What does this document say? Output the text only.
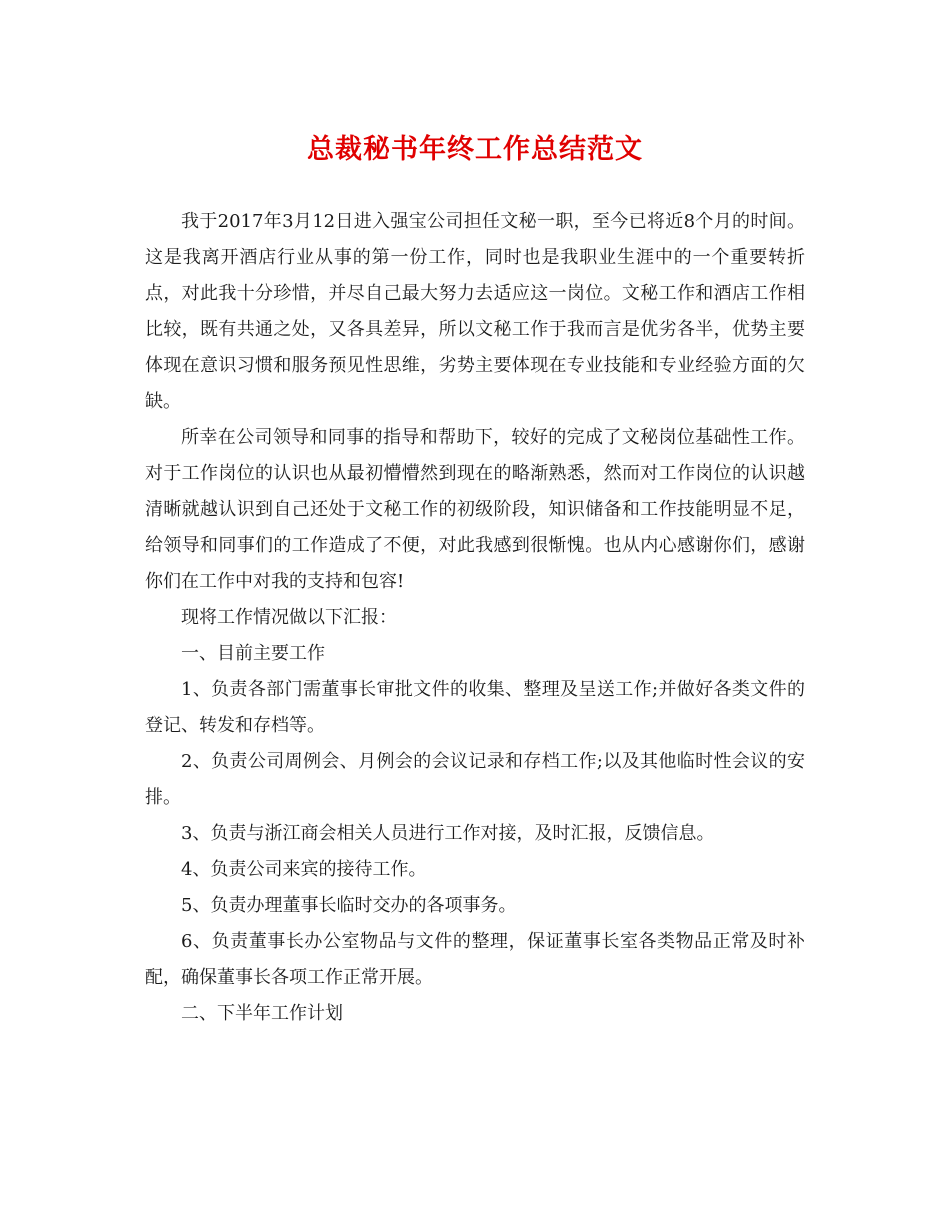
总裁秘书年终工作总结范文

我于2017年3月12日进入强宝公司担任文秘一职，至今已将近8个月的时间。这是我离开酒店行业从事的第一份工作，同时也是我职业生涯中的一个重要转折点，对此我十分珍惜，并尽自己最大努力去适应这一岗位。文秘工作和酒店工作相比较，既有共通之处，又各具差异，所以文秘工作于我而言是优劣各半，优势主要体现在意识习惯和服务预见性思维，劣势主要体现在专业技能和专业经验方面的欠缺。

所幸在公司领导和同事的指导和帮助下，较好的完成了文秘岗位基础性工作。对于工作岗位的认识也从最初懵懵然到现在的略渐熟悉，然而对工作岗位的认识越清晰就越认识到自己还处于文秘工作的初级阶段，知识储备和工作技能明显不足，给领导和同事们的工作造成了不便，对此我感到很惭愧。也从内心感谢你们，感谢你们在工作中对我的支持和包容!

现将工作情况做以下汇报：

一、目前主要工作

1、负责各部门需董事长审批文件的收集、整理及呈送工作;并做好各类文件的登记、转发和存档等。

2、负责公司周例会、月例会的会议记录和存档工作;以及其他临时性会议的安排。

3、负责与浙江商会相关人员进行工作对接，及时汇报，反馈信息。

4、负责公司来宾的接待工作。

5、负责办理董事长临时交办的各项事务。

6、负责董事长办公室物品与文件的整理，保证董事长室各类物品正常及时补配，确保董事长各项工作正常开展。

二、下半年工作计划
